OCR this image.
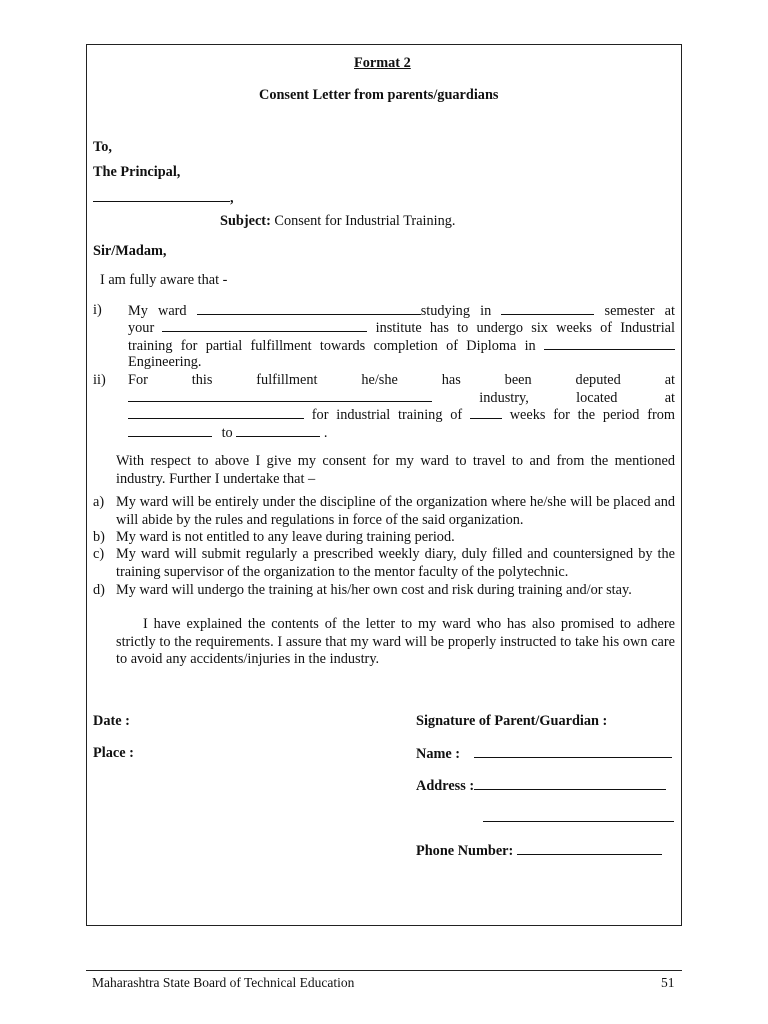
Format 2
Consent Letter from parents/guardians
To,
The Principal,
,
Subject: Consent for Industrial Training.
Sir/Madam,
I am fully aware that -
i) My ward	studying in	semester at
your	institute has to undergo six weeks of Industrial
training for partial fulfillment towards completion of Diploma in
Engineering.
ii) For	this	fulfillment	he/she	has	been	deputed	at
industry,	located	at
for industrial training of	weeks for the period from
to	.
With respect to above I give my consent for my ward to travel to and from the mentioned industry. Further I undertake that –
a) My ward will be entirely under the discipline of the organization where he/she will be placed and will abide by the rules and regulations in force of the said organization.
b) My ward is not entitled to any leave during training period.
c) My ward will submit regularly a prescribed weekly diary, duly filled and countersigned by the training supervisor of the organization to the mentor faculty of the polytechnic.
d) My ward will undergo the training at his/her own cost and risk during training and/or stay.
I have explained the contents of the letter to my ward who has also promised to adhere strictly to the requirements. I assure that my ward will be properly instructed to take his own care to avoid any accidents/injuries in the industry.
Date :	Signature of Parent/Guardian :
Place :	Name :
Address :
Phone Number:
Maharashtra State Board of Technical Education	51
